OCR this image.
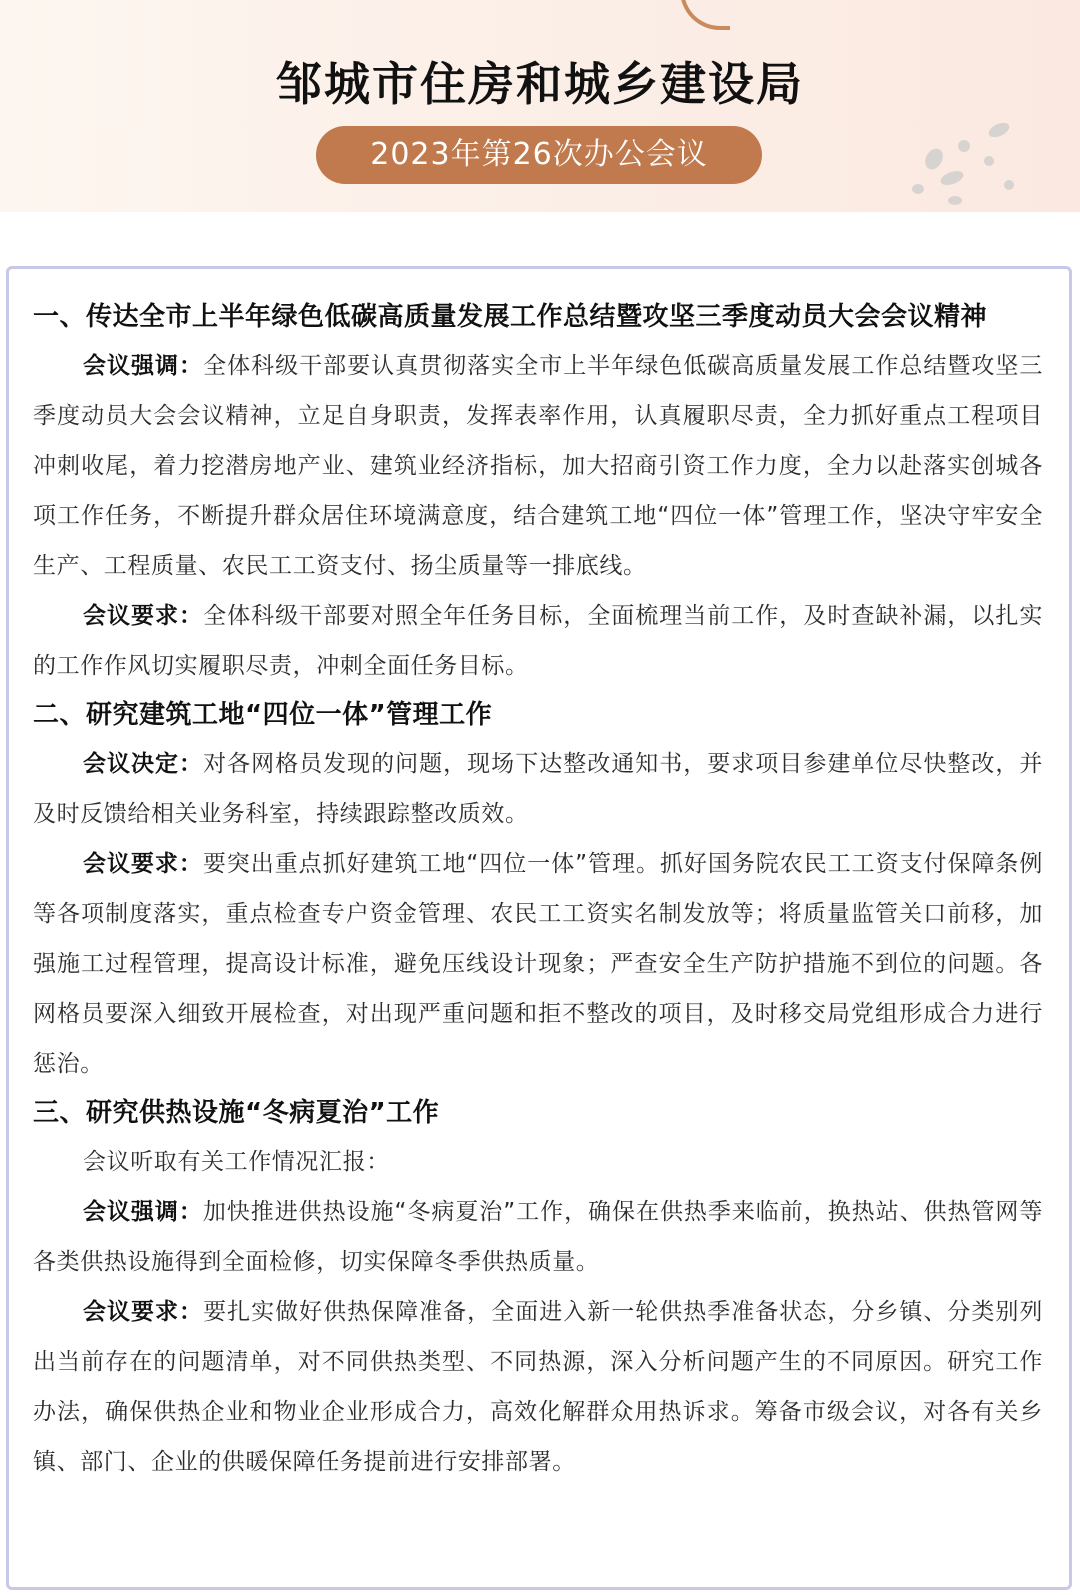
邹城市住房和城乡建设局
2023年第26次办公会议

一、传达全市上半年绿色低碳高质量发展工作总结暨攻坚三季度动员大会会议精神

会议强调：全体科级干部要认真贯彻落实全市上半年绿色低碳高质量发展工作总结暨攻坚三季度动员大会会议精神，立足自身职责，发挥表率作用，认真履职尽责，全力抓好重点工程项目冲刺收尾，着力挖潜房地产业、建筑业经济指标，加大招商引资工作力度，全力以赴落实创城各项工作任务，不断提升群众居住环境满意度，结合建筑工地“四位一体”管理工作，坚决守牢安全生产、工程质量、农民工工资支付、扬尘质量等一排底线。

会议要求：全体科级干部要对照全年任务目标，全面梳理当前工作，及时查缺补漏，以扎实的工作作风切实履职尽责，冲刺全面任务目标。

二、研究建筑工地“四位一体”管理工作

会议决定：对各网格员发现的问题，现场下达整改通知书，要求项目参建单位尽快整改，并及时反馈给相关业务科室，持续跟踪整改质效。

会议要求：要突出重点抓好建筑工地“四位一体”管理。抓好国务院农民工工资支付保障条例等各项制度落实，重点检查专户资金管理、农民工工资实名制发放等；将质量监管关口前移，加强施工过程管理，提高设计标准，避免压线设计现象；严查安全生产防护措施不到位的问题。各网格员要深入细致开展检查，对出现严重问题和拒不整改的项目，及时移交局党组形成合力进行惩治。

三、研究供热设施“冬病夏治”工作

会议听取有关工作情况汇报：

会议强调：加快推进供热设施“冬病夏治”工作，确保在供热季来临前，换热站、供热管网等各类供热设施得到全面检修，切实保障冬季供热质量。

会议要求：要扎实做好供热保障准备，全面进入新一轮供热季准备状态，分乡镇、分类别列出当前存在的问题清单，对不同供热类型、不同热源，深入分析问题产生的不同原因。研究工作办法，确保供热企业和物业企业形成合力，高效化解群众用热诉求。筹备市级会议，对各有关乡镇、部门、企业的供暖保障任务提前进行安排部署。
